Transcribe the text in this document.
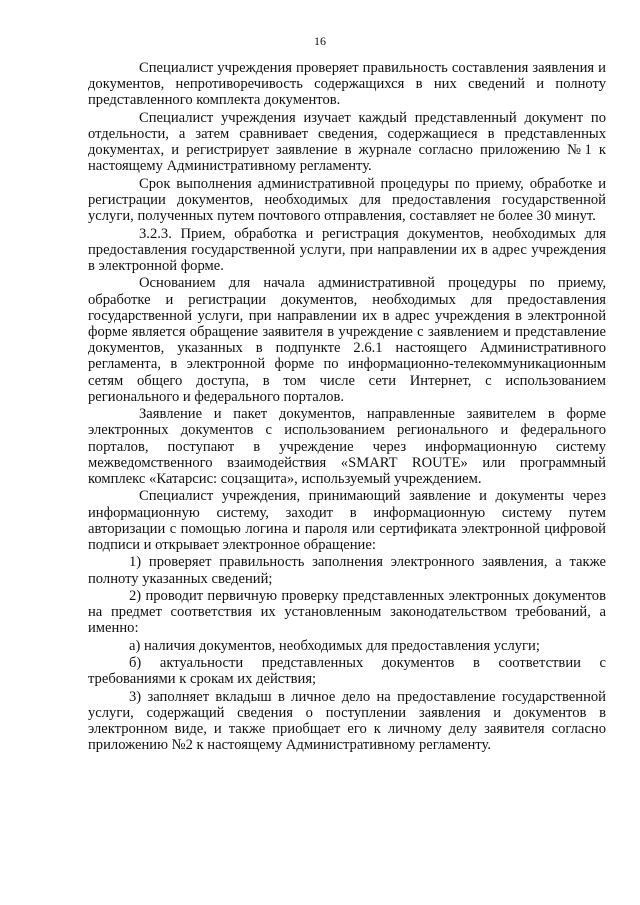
16

Специалист учреждения проверяет правильность составления заявления и документов, непротиворечивость содержащихся в них сведений и полноту представленного комплекта документов.

Специалист учреждения изучает каждый представленный документ по отдельности, а затем сравнивает сведения, содержащиеся в представленных документах, и регистрирует заявление в журнале согласно приложению №1 к настоящему Административному регламенту.

Срок выполнения административной процедуры по приему, обработке и регистрации документов, необходимых для предоставления государственной услуги, полученных путем почтового отправления, составляет не более 30 минут.

3.2.3. Прием, обработка и регистрация документов, необходимых для предоставления государственной услуги, при направлении их в адрес учреждения в электронной форме.

Основанием для начала административной процедуры по приему, обработке и регистрации документов, необходимых для предоставления государственной услуги, при направлении их в адрес учреждения в электронной форме является обращение заявителя в учреждение с заявлением и представление документов, указанных в подпункте 2.6.1 настоящего Административного регламента, в электронной форме по информационно-телекоммуникационным сетям общего доступа, в том числе сети Интернет, с использованием регионального и федерального порталов.

Заявление и пакет документов, направленные заявителем в форме электронных документов с использованием регионального и федерального порталов, поступают в учреждение через информационную систему межведомственного взаимодействия «SMART ROUTE» или программный комплекс «Катарсис: соцзащита», используемый учреждением.

Специалист учреждения, принимающий заявление и документы через информационную систему, заходит в информационную систему путем авторизации с помощью логина и пароля или сертификата электронной цифровой подписи и открывает электронное обращение:

1) проверяет правильность заполнения электронного заявления, а также полноту указанных сведений;

2) проводит первичную проверку представленных электронных документов на предмет соответствия их установленным законодательством требований, а именно:

а) наличия документов, необходимых для предоставления услуги;

б) актуальности представленных документов в соответствии с требованиями к срокам их действия;

3) заполняет вкладыш в личное дело на предоставление государственной услуги, содержащий сведения о поступлении заявления и документов в электронном виде, и также приобщает его к личному делу заявителя согласно приложению №2 к настоящему Административному регламенту.
